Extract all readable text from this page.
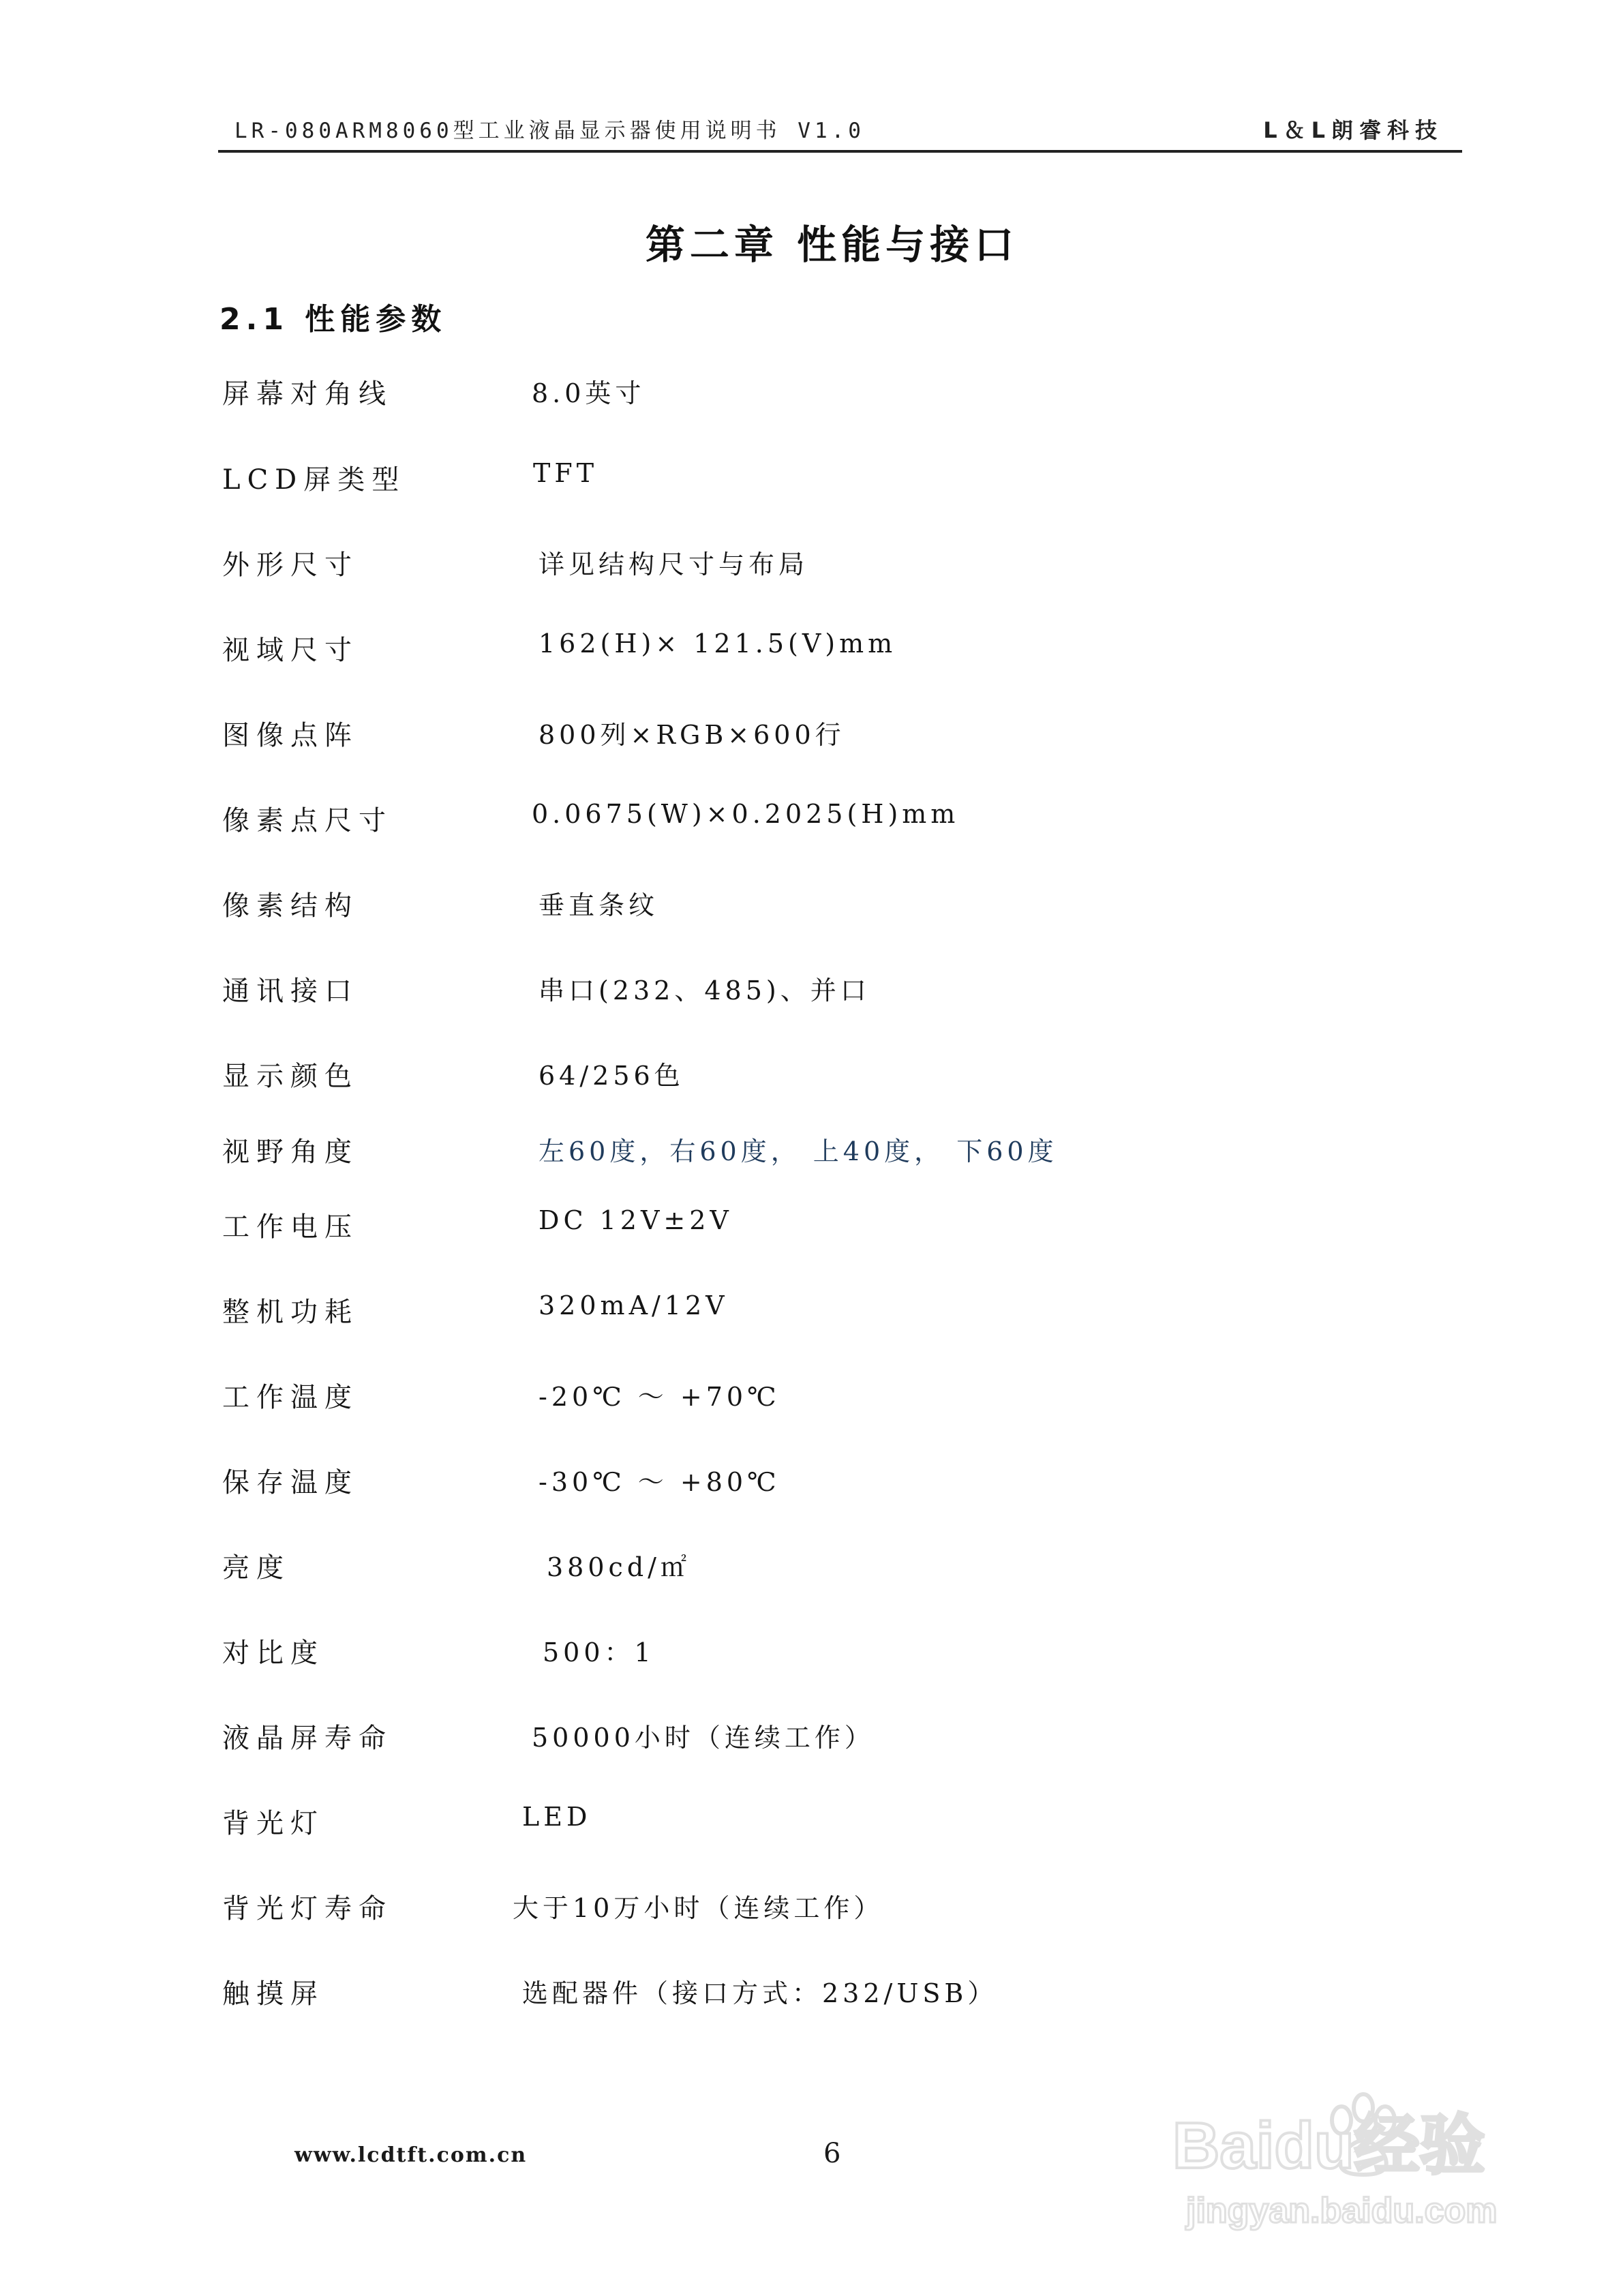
LR-080ARM8060型工业液晶显示器使用说明书 V1.0	L＆L朗睿科技
第二章 性能与接口
2.1 性能参数
屏幕对角线	8.0英寸
LCD屏类型	TFT
外形尺寸	详见结构尺寸与布局
视域尺寸	162(H)× 121.5(V)mm
图像点阵	800列×RGB×600行
像素点尺寸	0.0675(W)×0.2025(H)mm
像素结构	垂直条纹
通讯接口	串口(232、485)、并口
显示颜色	64/256色
视野角度	左60度，右60度， 上40度， 下60度
工作电压	DC 12V±2V
整机功耗	320mA/12V
工作温度	-20℃ ～ +70℃
保存温度	-30℃ ～ +80℃
亮度	380cd/㎡
对比度	500：1
液晶屏寿命	50000小时（连续工作）
背光灯	LED
背光灯寿命	大于10万小时（连续工作）
触摸屏	选配器件（接口方式：232/USB）
www.lcdtft.com.cn	6	Baidu经验
jingyan.baidu.com
